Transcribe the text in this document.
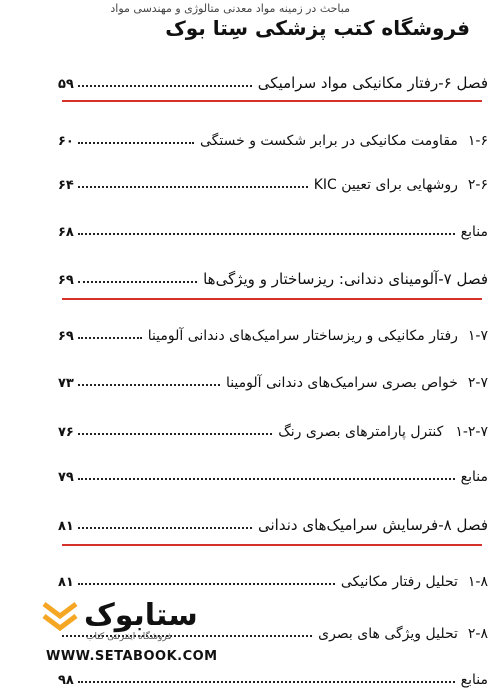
مباحث در زمینه مواد معدنی متالوژی و مهندسی مواد
فروشگاه کتب پزشکی سِتا بوک
فصل ۶-رفتار مکانیکی مواد سرامیکی
۵۹
۱-۶
مقاومت مکانیکی در برابر شکست و خستگی
۶۰
۲-۶
روشهایی برای تعیین KIC
۶۴
منابع
۶۸
فصل ۷-آلومینای دندانی: ریزساختار و ویژگی‌ها
۶۹
۱-۷
رفتار مکانیکی و ریزساختار سرامیک‌های دندانی آلومینا
۶۹
۲-۷
خواص بصری سرامیک‌های دندانی آلومینا
۷۳
۱-۲-۷
کنترل پارامترهای بصری رنگ
۷۶
منابع
۷۹
فصل ۸-فرسایش سرامیک‌های دندانی
۸۱
۱-۸
تحلیل رفتار مکانیکی
۸۱
۲-۸
تحلیل ویژگی های بصری
منابع
۹۸
ستابوک
فروشگاه اینترنتی کتاب
WWW.SETABOOK.COM
